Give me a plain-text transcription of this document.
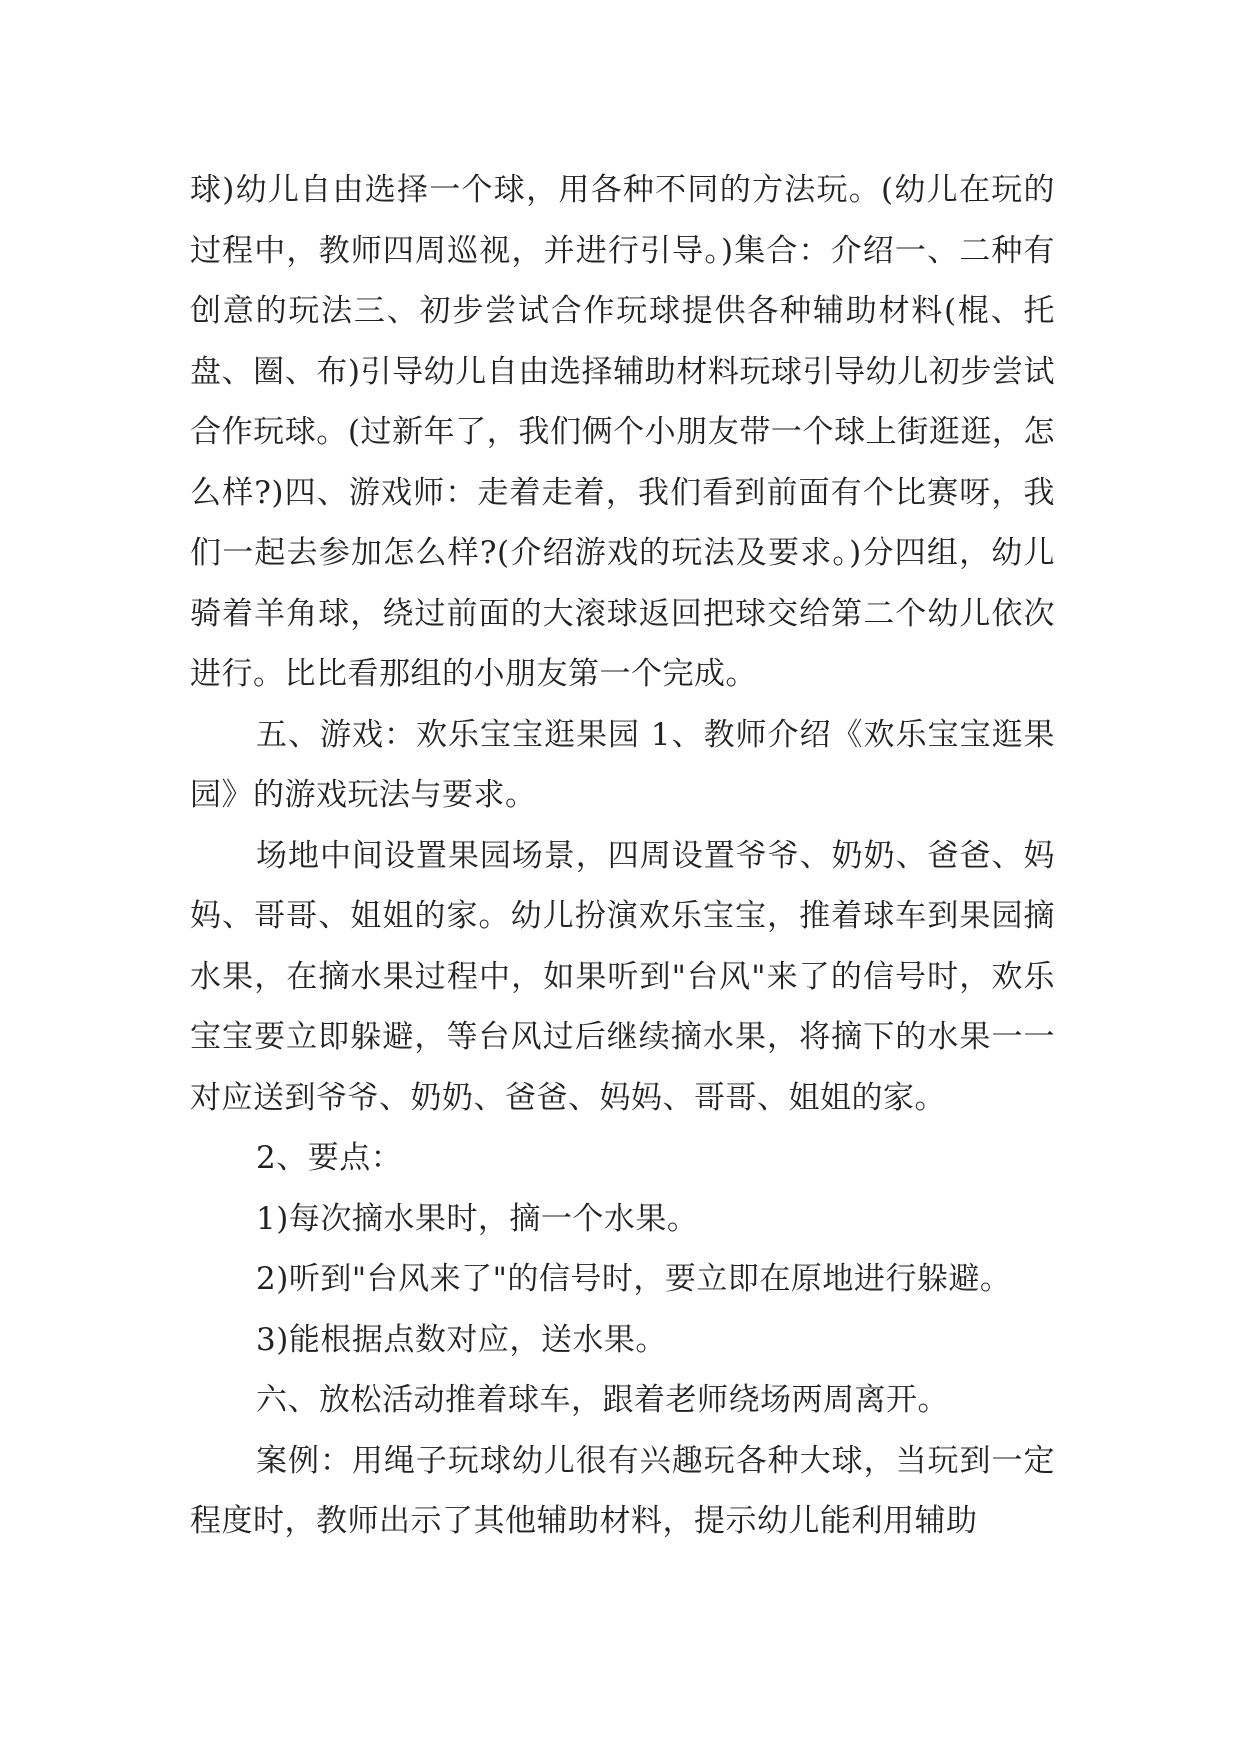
球)幼儿自由选择一个球，用各种不同的方法玩。(幼儿在玩的过程中，教师四周巡视，并进行引导。)集合：介绍一、二种有创意的玩法三、初步尝试合作玩球提供各种辅助材料(棍、托盘、圈、布)引导幼儿自由选择辅助材料玩球引导幼儿初步尝试合作玩球。(过新年了，我们俩个小朋友带一个球上街逛逛，怎么样?)四、游戏师：走着走着，我们看到前面有个比赛呀，我们一起去参加怎么样?(介绍游戏的玩法及要求。)分四组，幼儿骑着羊角球，绕过前面的大滚球返回把球交给第二个幼儿依次进行。比比看那组的小朋友第一个完成。

五、游戏：欢乐宝宝逛果园 1、教师介绍《欢乐宝宝逛果园》的游戏玩法与要求。

场地中间设置果园场景，四周设置爷爷、奶奶、爸爸、妈妈、哥哥、姐姐的家。幼儿扮演欢乐宝宝，推着球车到果园摘水果，在摘水果过程中，如果听到"台风"来了的信号时，欢乐宝宝要立即躲避，等台风过后继续摘水果，将摘下的水果一一对应送到爷爷、奶奶、爸爸、妈妈、哥哥、姐姐的家。

2、要点：

1)每次摘水果时，摘一个水果。

2)听到"台风来了"的信号时，要立即在原地进行躲避。

3)能根据点数对应，送水果。

六、放松活动推着球车，跟着老师绕场两周离开。

案例：用绳子玩球幼儿很有兴趣玩各种大球，当玩到一定程度时，教师出示了其他辅助材料，提示幼儿能利用辅助
